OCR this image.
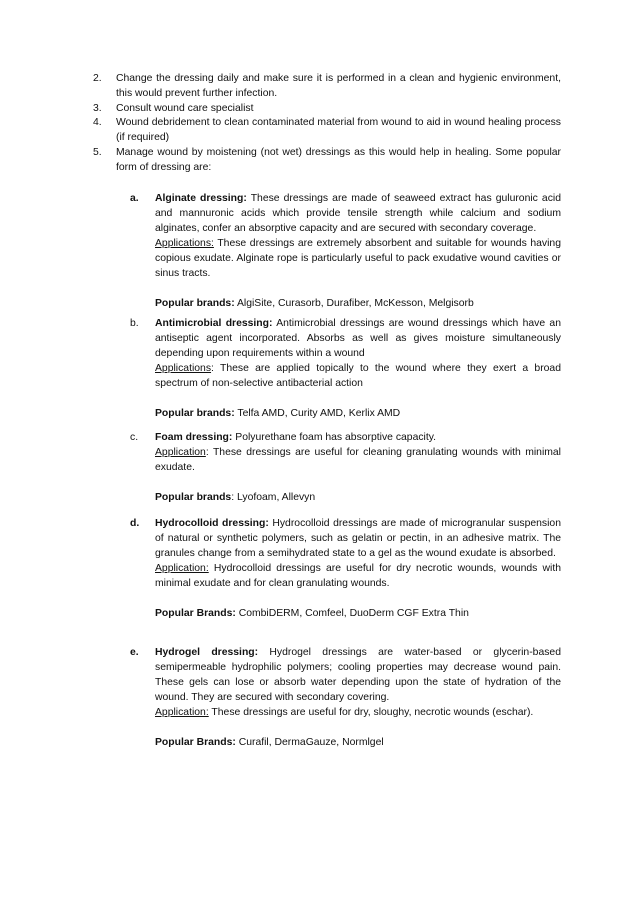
2.	Change the dressing daily and make sure it is performed in a clean and hygienic environment, this would prevent further infection.
3.	Consult wound care specialist
4.	Wound debridement to clean contaminated material from wound to aid in wound healing process (if required)
5.	Manage wound by moistening (not wet) dressings as this would help in healing. Some popular form of dressing are:
a.	Alginate dressing: These dressings are made of seaweed extract has guluronic acid and mannuronic acids which provide tensile strength while calcium and sodium alginates, confer an absorptive capacity and are secured with secondary coverage.

Applications: These dressings are extremely absorbent and suitable for wounds having copious exudate. Alginate rope is particularly useful to pack exudative wound cavities or sinus tracts.

Popular brands: AlgiSite, Curasorb, Durafiber, McKesson, Melgisorb

b.	Antimicrobial dressing: Antimicrobial dressings are wound dressings which have an antiseptic agent incorporated. Absorbs as well as gives moisture simultaneously depending upon requirements within a wound

Applications: These are applied topically to the wound where they exert a broad spectrum of non-selective antibacterial action

Popular brands: Telfa AMD, Curity AMD, Kerlix AMD

c.	Foam dressing: Polyurethane foam has absorptive capacity.

Application: These dressings are useful for cleaning granulating wounds with minimal exudate.

Popular brands: Lyofoam, Allevyn

d.	Hydrocolloid dressing: Hydrocolloid dressings are made of microgranular suspension of natural or synthetic polymers, such as gelatin or pectin, in an adhesive matrix. The granules change from a semihydrated state to a gel as the wound exudate is absorbed.

Application: Hydrocolloid dressings are useful for dry necrotic wounds, wounds with minimal exudate and for clean granulating wounds.

Popular Brands: CombiDERM, Comfeel, DuoDerm CGF Extra Thin

e.	Hydrogel dressing: Hydrogel dressings are water-based or glycerin-based semipermeable hydrophilic polymers; cooling properties may decrease wound pain. These gels can lose or absorb water depending upon the state of hydration of the wound. They are secured with secondary covering.

Application: These dressings are useful for dry, sloughy, necrotic wounds (eschar).

Popular Brands: Curafil, DermaGauze, Normlgel
